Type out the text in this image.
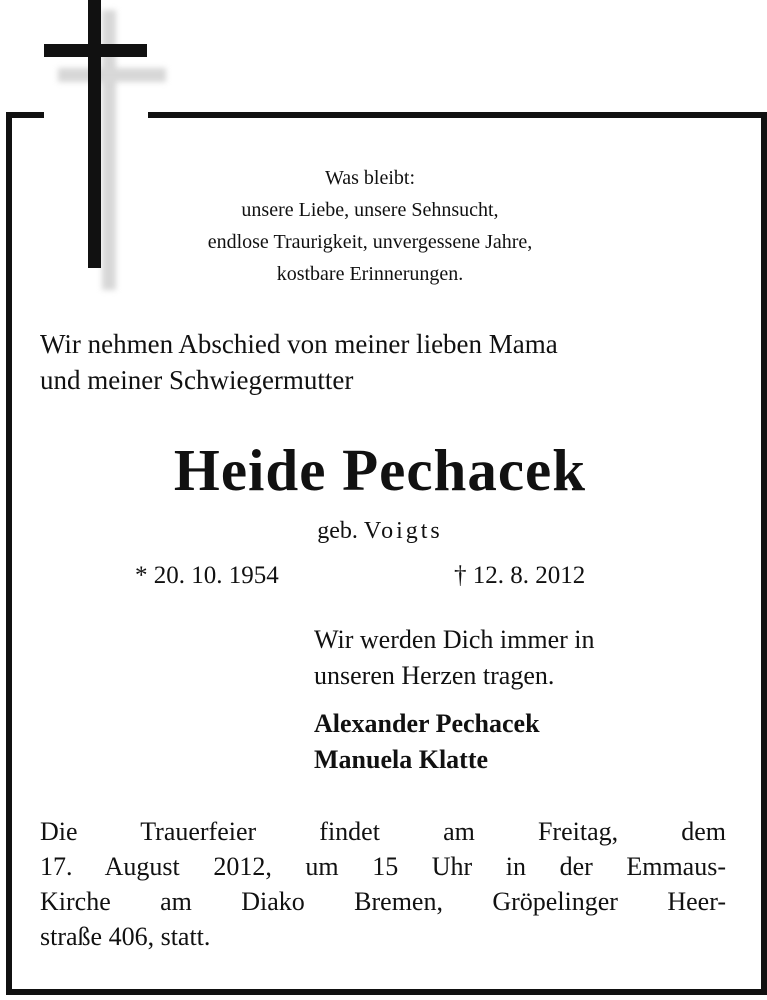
Was bleibt:
unsere Liebe, unsere Sehnsucht,
endlose Traurigkeit, unvergessene Jahre,
kostbare Erinnerungen.
Wir nehmen Abschied von meiner lieben Mama
und meiner Schwiegermutter
Heide Pechacek
geb. Voigts
* 20. 10. 1954	† 12. 8. 2012
Wir werden Dich immer in
unseren Herzen tragen.
Alexander Pechacek
Manuela Klatte
Die Trauerfeier findet am Freitag, dem
17. August 2012, um 15 Uhr in der Emmaus-
Kirche am Diako Bremen, Gröpelinger Heer-
straße 406, statt.
